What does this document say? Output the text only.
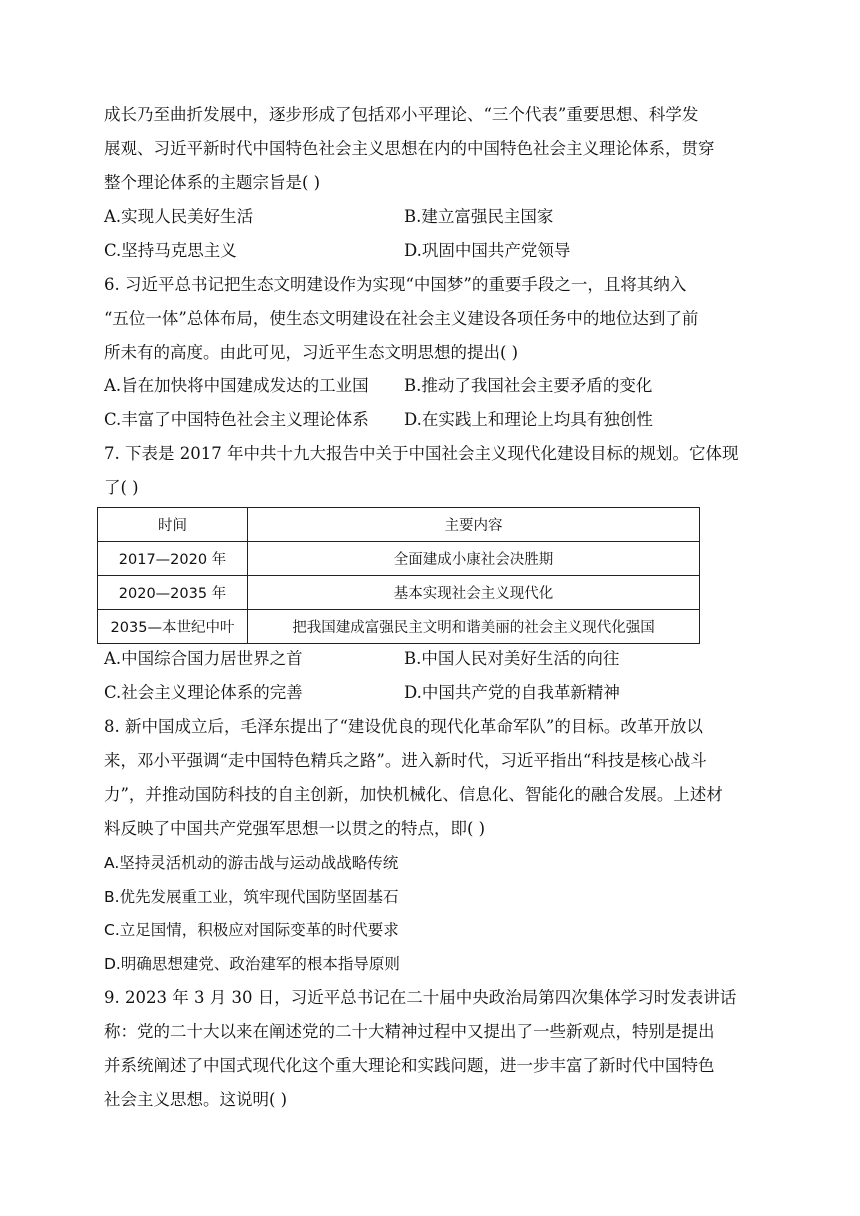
成长乃至曲折发展中，逐步形成了包括邓小平理论、“三个代表”重要思想、科学发
展观、习近平新时代中国特色社会主义思想在内的中国特色社会主义理论体系，贯穿
整个理论体系的主题宗旨是( )
A.实现人民美好生活	B.建立富强民主国家
C.坚持马克思主义	D.巩固中国共产党领导
6. 习近平总书记把生态文明建设作为实现“中国梦”的重要手段之一，且将其纳入
“五位一体”总体布局，使生态文明建设在社会主义建设各项任务中的地位达到了前
所未有的高度。由此可见，习近平生态文明思想的提出( )
A.旨在加快将中国建成发达的工业国 B.推动了我国社会主要矛盾的变化
C.丰富了中国特色社会主义理论体系 D.在实践上和理论上均具有独创性
7. 下表是 2017 年中共十九大报告中关于中国社会主义现代化建设目标的规划。它体现
了( )
时间	主要内容
2017—2020 年	全面建成小康社会决胜期
2020—2035 年	基本实现社会主义现代化
2035—本世纪中叶	把我国建成富强民主文明和谐美丽的社会主义现代化强国
A.中国综合国力居世界之首	B.中国人民对美好生活的向往
C.社会主义理论体系的完善	D.中国共产党的自我革新精神
8. 新中国成立后，毛泽东提出了“建设优良的现代化革命军队”的目标。改革开放以
来，邓小平强调“走中国特色精兵之路”。进入新时代，习近平指出“科技是核心战斗
力”，并推动国防科技的自主创新，加快机械化、信息化、智能化的融合发展。上述材
料反映了中国共产党强军思想一以贯之的特点，即( )
A.坚持灵活机动的游击战与运动战战略传统
B.优先发展重工业，筑牢现代国防坚固基石
C.立足国情，积极应对国际变革的时代要求
D.明确思想建党、政治建军的根本指导原则
9. 2023 年 3 月 30 日，习近平总书记在二十届中央政治局第四次集体学习时发表讲话
称：党的二十大以来在阐述党的二十大精神过程中又提出了一些新观点，特别是提出
并系统阐述了中国式现代化这个重大理论和实践问题，进一步丰富了新时代中国特色
社会主义思想。这说明( )
